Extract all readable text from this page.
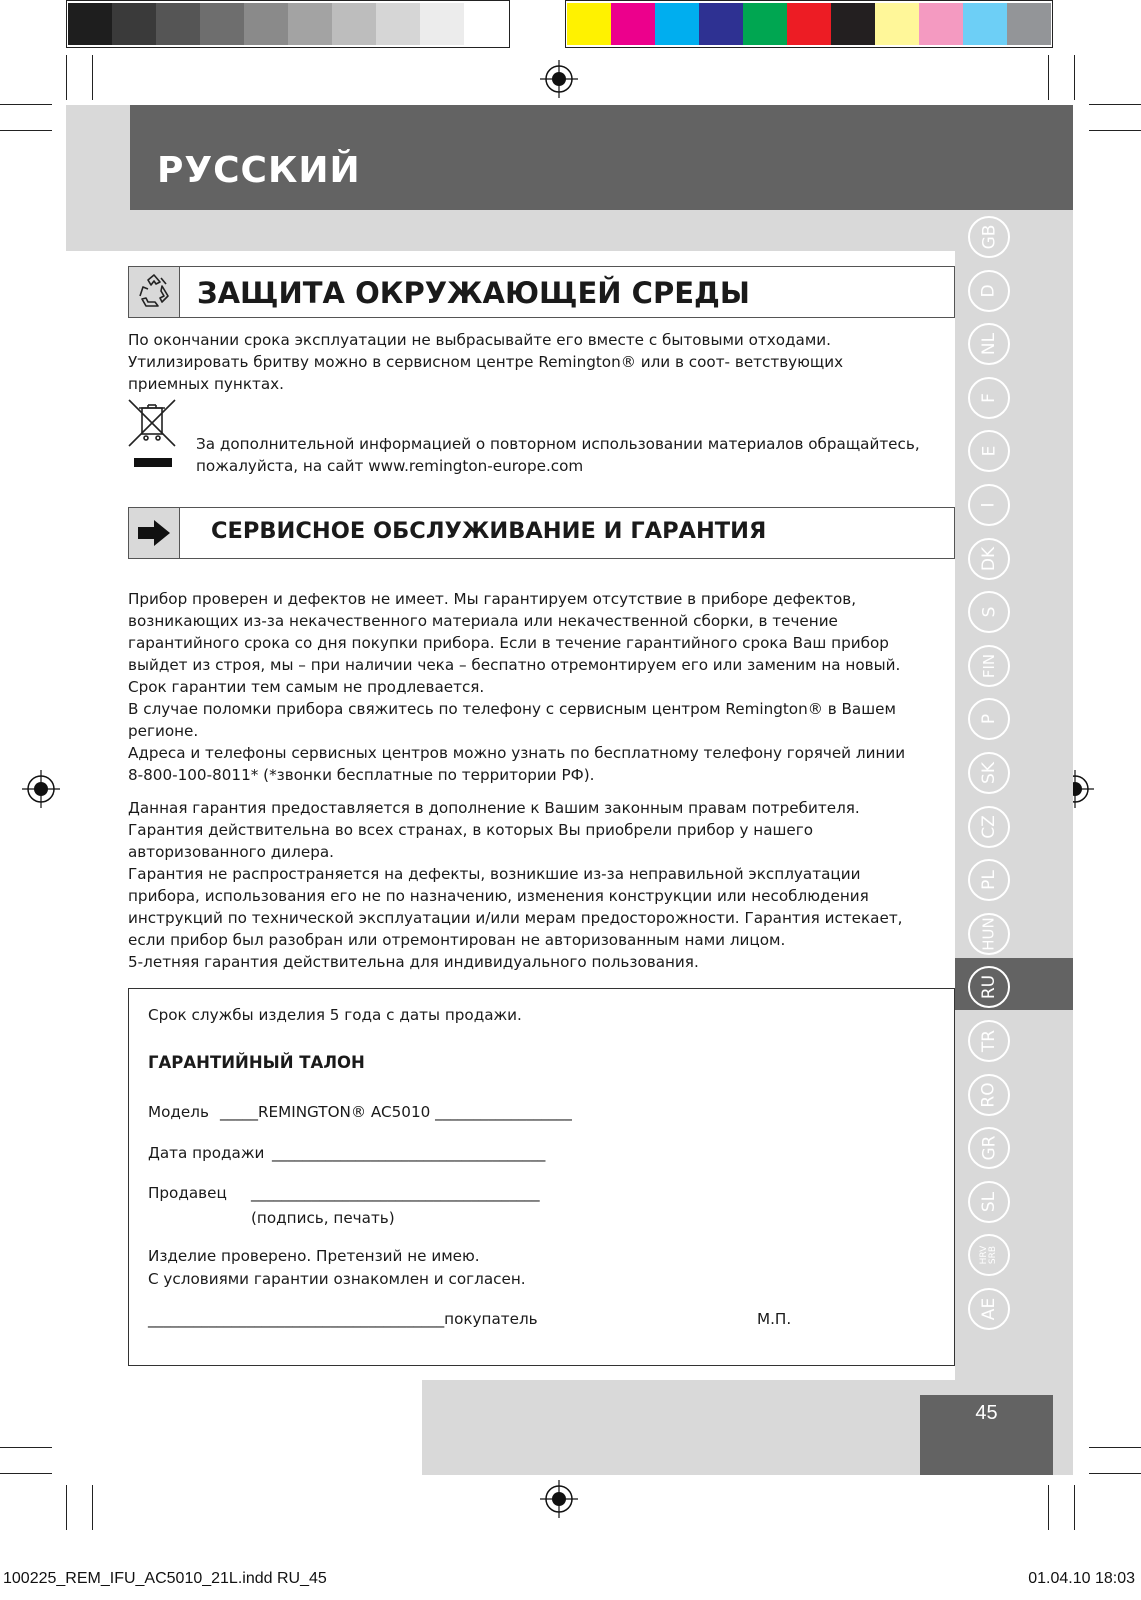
РУССКИЙ
GB
D
NL
F
E
I
DK
S
FIN
P
SK
CZ
PL
HUN
RU
TR
RO
GR
SL
HRV SRB
AE
ЗАЩИТА ОКРУЖАЮЩЕЙ СРЕДЫ

По окончании срока эксплуатации не выбрасывайте его вместе с бытовыми отходами.

Утилизировать бритву можно в сервисном центре Remington® или в соот- ветствующих

приемных пунктах.

За дополнительной информацией о повторном использовании материалов обращайтесь,

пожалуйста, на сайт www.remington-europe.com

СЕРВИСНОЕ ОБСЛУЖИВАНИЕ И ГАРАНТИЯ

Прибор проверен и дефектов не имеет. Мы гарантируем отсутствие в приборе дефектов,

возникающих из-за некачественного материала или некачественной сборки, в течение

гарантийного срока со дня покупки прибора. Если в течение гарантийного срока Ваш прибор

выйдет из строя, мы – при наличии чека – беспатно отремонтируем его или заменим на новый.

Срок гарантии тем самым не продлевается.

В случае поломки прибора свяжитесь по телефону с сервисным центром Remington® в Вашем

регионе.

Адреса и телефоны сервисных центров можно узнать по бесплатному телефону горячей линии

8-800-100-8011* (*звонки бесплатные по территории РФ).

Данная гарантия предоставляется в дополнение к Вашим законным правам потребителя.

Гарантия действительна во всех странах, в которых Вы приобрели прибор у нашего

авторизованного дилера.

Гарантия не распространяется на дефекты, возникшие из-за неправильной эксплуатации

прибора, использования его не по назначению, изменения конструкции или несоблюдения

инструкций по технической эксплуатации и/или мерам предосторожности. Гарантия истекает,

если прибор был разобран или отремонтирован не авторизованным нами лицом.

5-летняя гарантия действительна для индивидуального пользования.

Срок службы изделия 5 года с даты продажи.
ГАРАНТИЙНЫЙ ТАЛОН
Модель _____REMINGTON® AC5010 __________________
Дата продажи ____________________________________
Продавец ______________________________________
(подпись, печать)
Изделие проверено. Претензий не имею.
С условиями гарантии ознакомлен и согласен.
_______________________________________покупатель	М.П.
45
100225_REM_IFU_AC5010_21L.indd RU_45	01.04.10 18:03
